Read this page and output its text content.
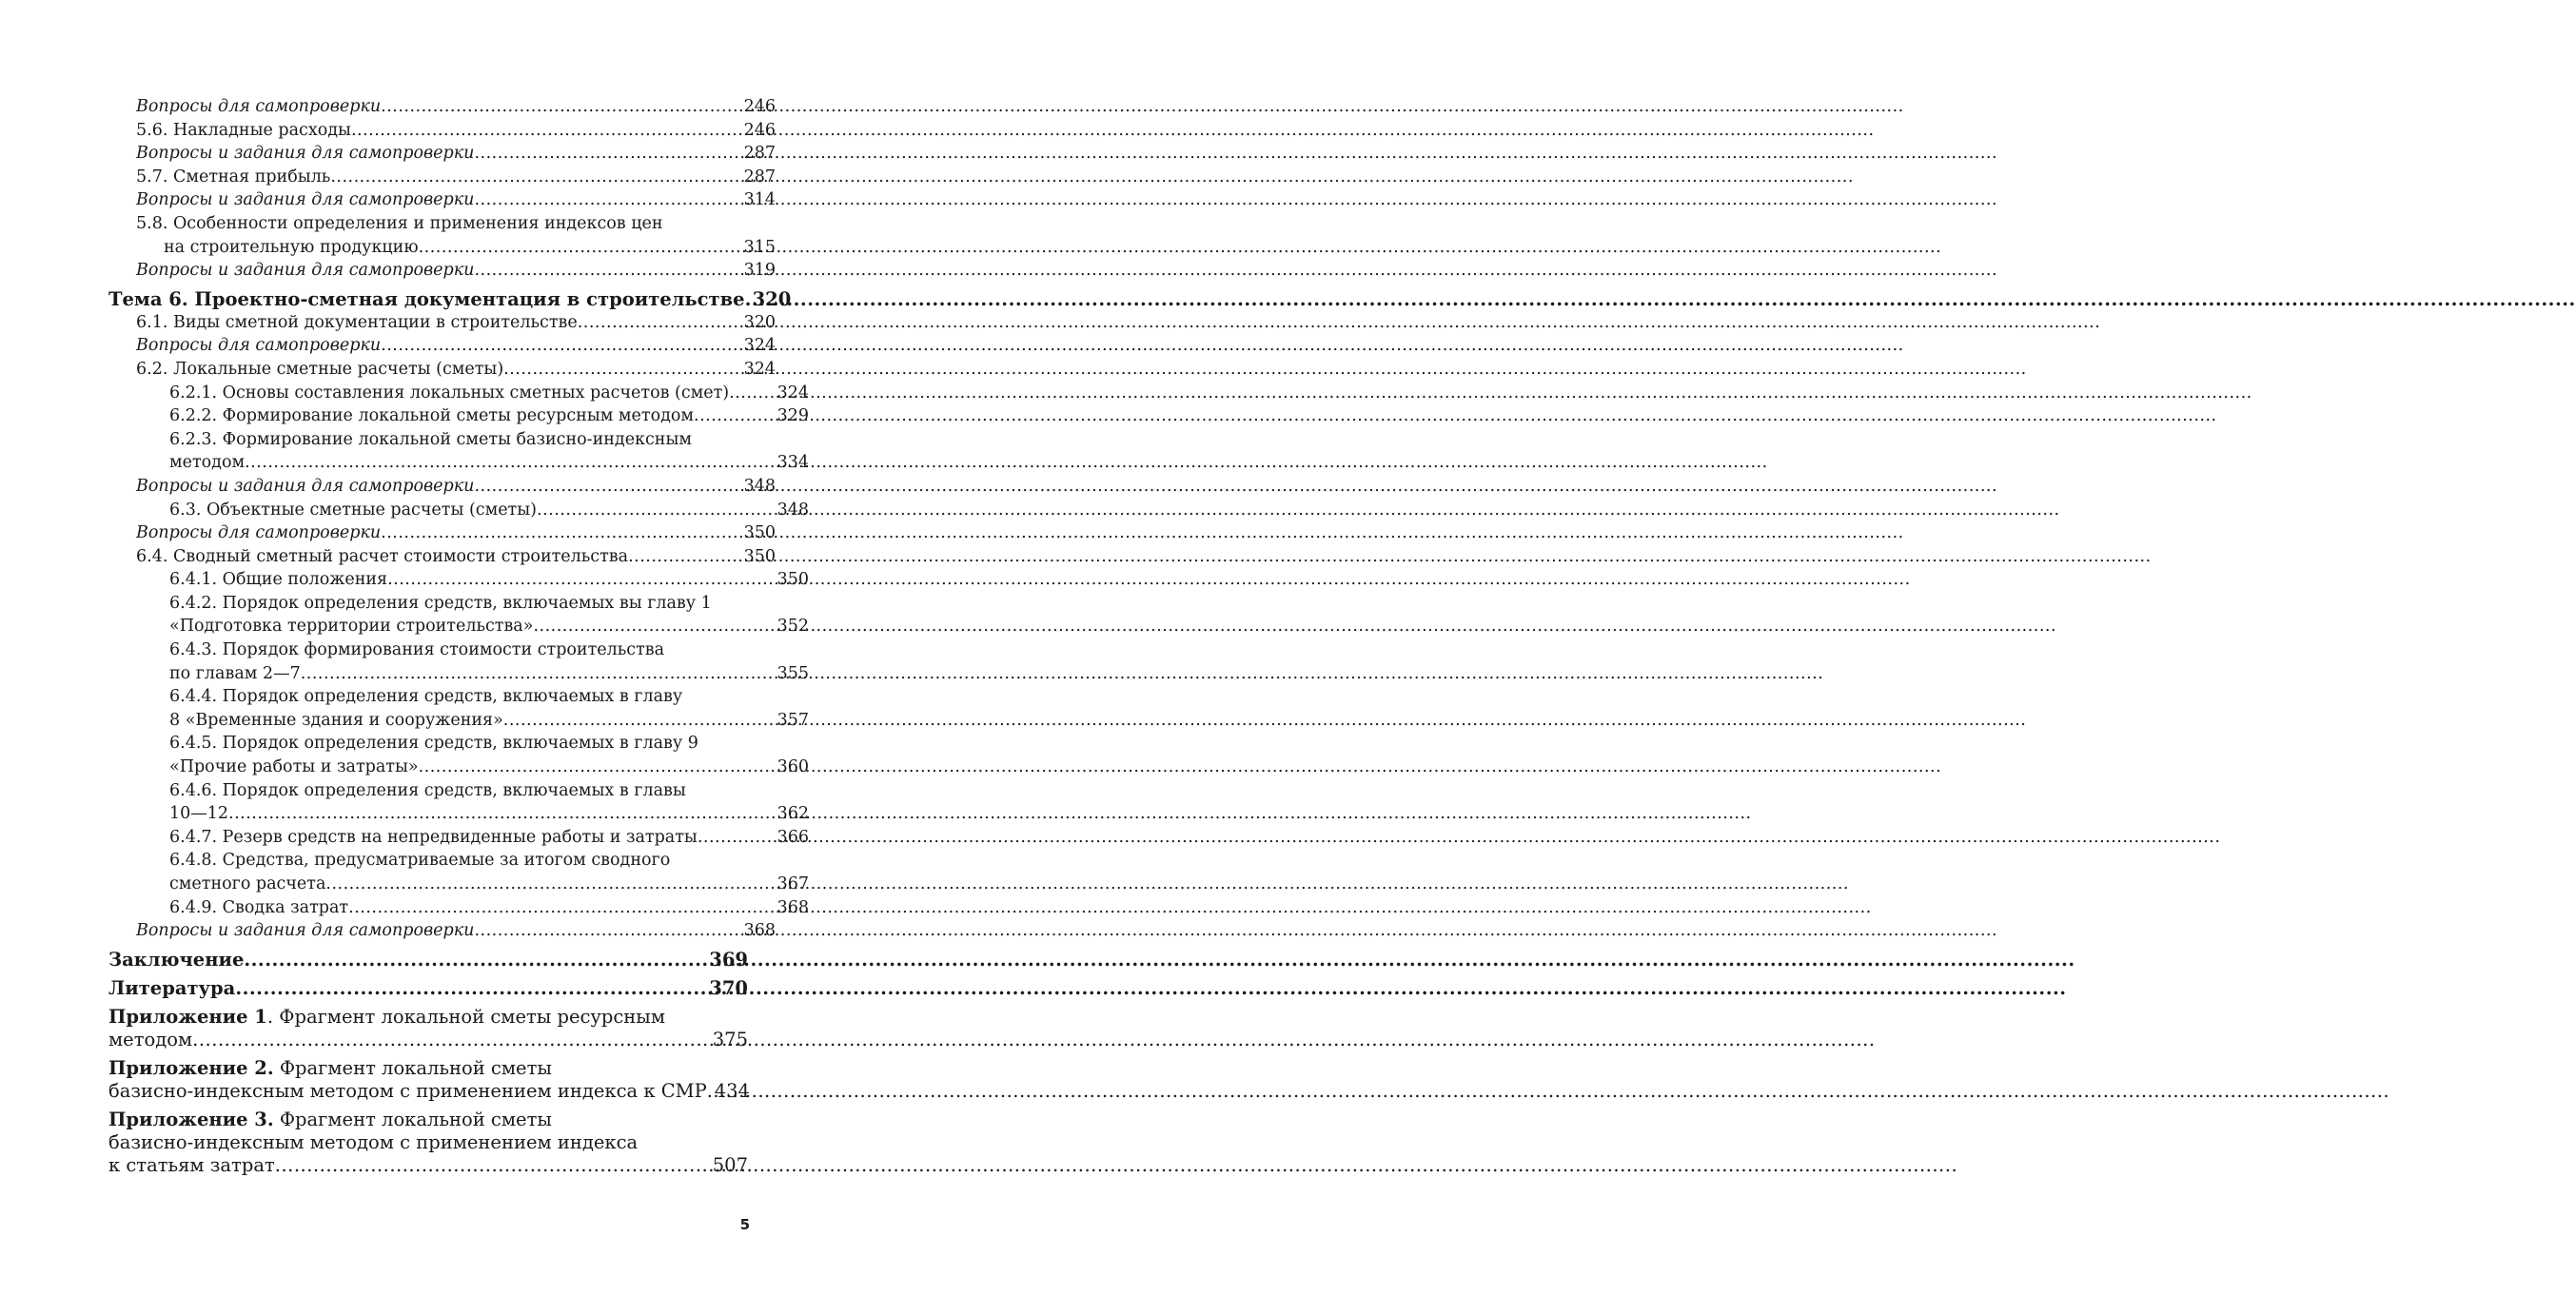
Вопросы для самопроверки .....	246
5.6. Накладные расходы .....	246
Вопросы и задания для самопроверки .....	287
5.7. Сметная прибыль .....	287
Вопросы и задания для самопроверки .....	314
5.8. Особенности определения и применения индексов цен
на строительную продукцию .....	315
Вопросы и задания для самопроверки .....	319
Тема 6. Проектно-сметная документация в строительстве ..... 320
6.1. Виды сметной документации в строительстве .....	320
Вопросы для самопроверки .....	324
6.2. Локальные сметные расчеты (сметы) .....	324
6.2.1. Основы составления локальных сметных расчетов (смет) .....	324
6.2.2. Формирование локальной сметы ресурсным методом .....	329
6.2.3. Формирование локальной сметы базисно-индексным
методом .....	334
Вопросы и задания для самопроверки .....	348
6.3. Объектные сметные расчеты (сметы) .....	348
Вопросы для самопроверки .....	350
6.4. Сводный сметный расчет стоимости строительства .....	350
6.4.1. Общие положения .....	350
6.4.2. Порядок определения средств, включаемых вы главу 1
«Подготовка территории строительства» .....	352
6.4.3. Порядок формирования стоимости строительства
по главам 2—7 .....	355
6.4.4. Порядок определения средств, включаемых в главу
8 «Временные здания и сооружения» .....	357
6.4.5. Порядок определения средств, включаемых в главу 9
«Прочие работы и затраты» .....	360
6.4.6. Порядок определения средств, включаемых в главы
10—12 .....	362
6.4.7. Резерв средств на непредвиденные работы и затраты .....	366
6.4.8. Средства, предусматриваемые за итогом сводного
сметного расчета .....	367
6.4.9. Сводка затрат .....	368
Вопросы и задания для самопроверки .....	368
Заключение .....	369
Литература .....	370
Приложение 1. Фрагмент локальной сметы ресурсным
методом .....	375
Приложение 2. Фрагмент локальной сметы
базисно-индексным методом с применением индекса к СМР ..... 434
Приложение 3. Фрагмент локальной сметы
базисно-индексным методом с применением индекса
к статьям затрат .....	507
5
